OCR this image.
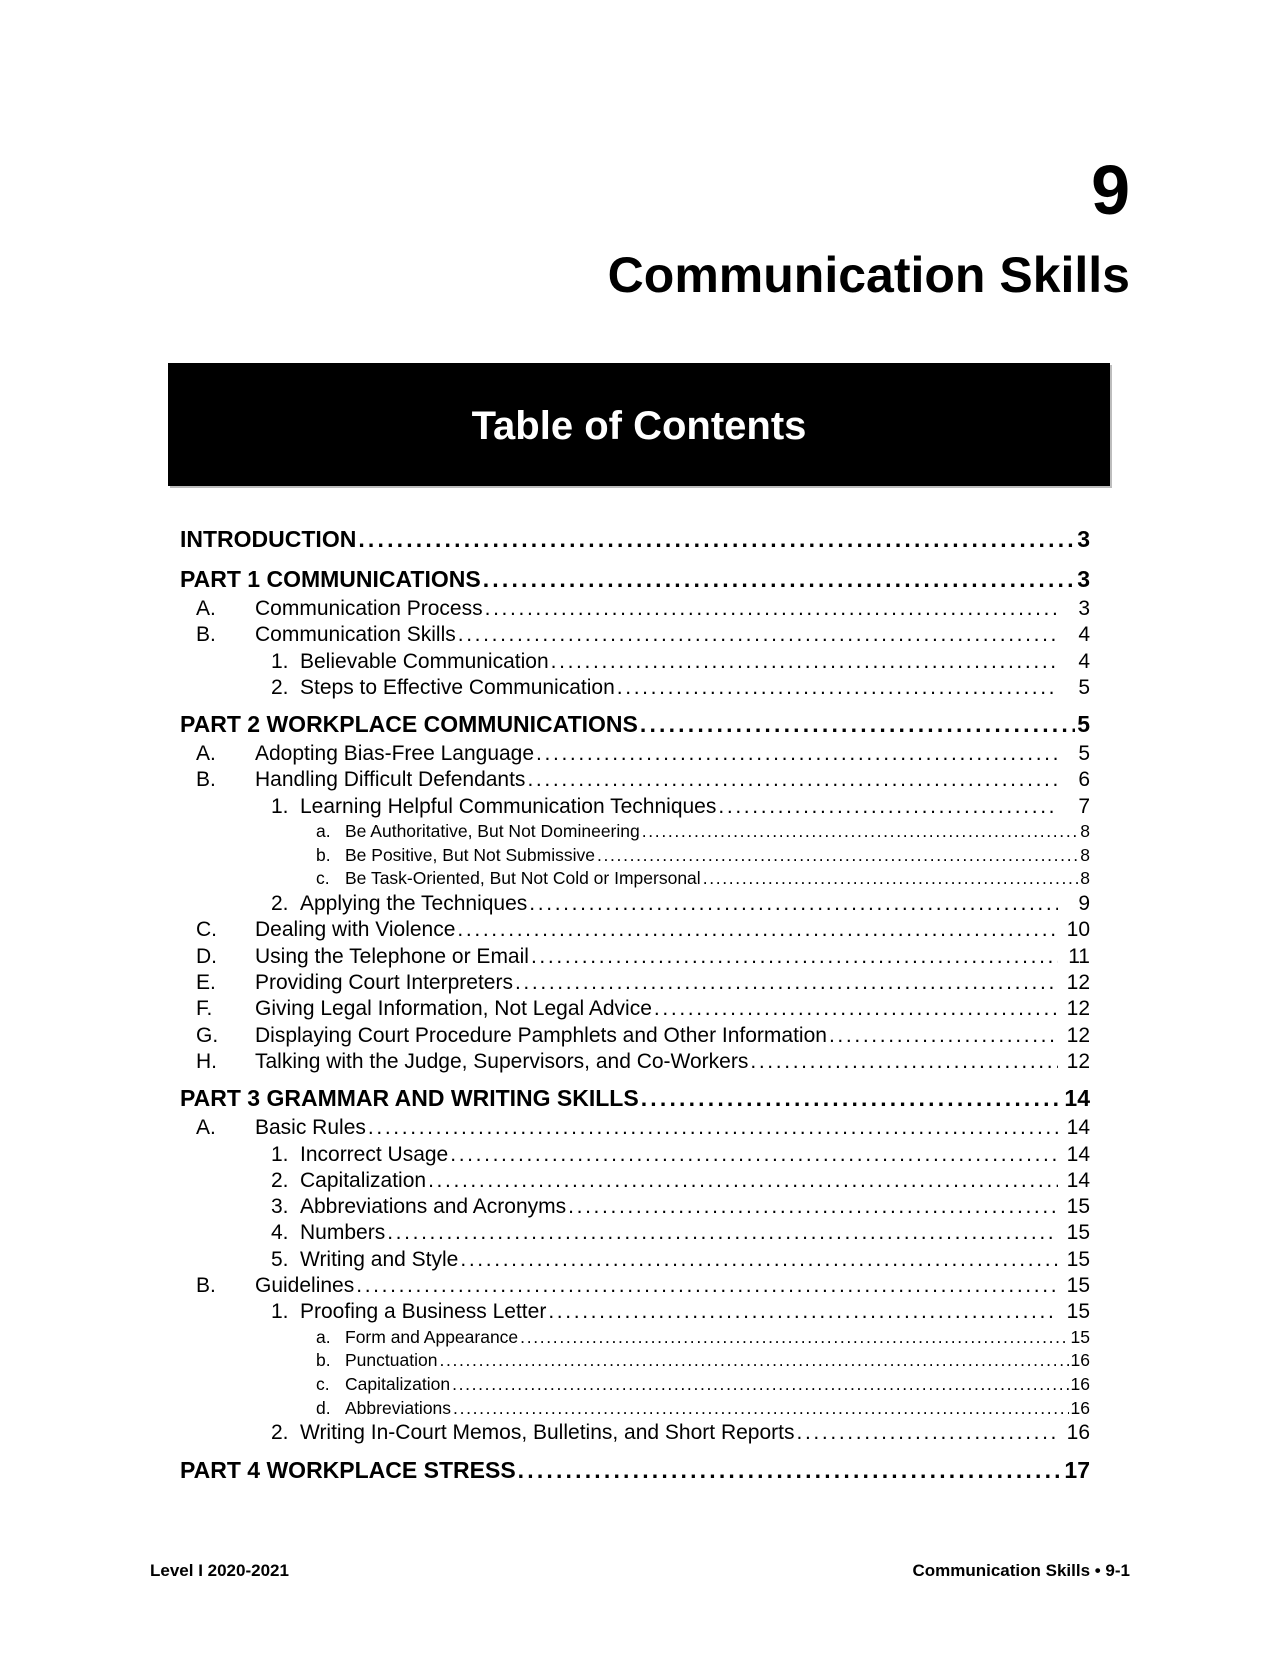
9
Communication Skills
Table of Contents
INTRODUCTION . . .	3
PART 1 COMMUNICATIONS . . .	3
A.	Communication Process . . .	3
B.	Communication Skills . . .	4
1. Believable Communication . . .	4
2. Steps to Effective Communication . . .	5
PART 2 WORKPLACE COMMUNICATIONS . . .	5
A.	Adopting Bias-Free Language . . .	5
B.	Handling Difficult Defendants . . .	6
1. Learning Helpful Communication Techniques . . .	7
a. Be Authoritative, But Not Domineering . . .	8
b. Be Positive, But Not Submissive . . .	8
c. Be Task-Oriented, But Not Cold or Impersonal . . .	8
2. Applying the Techniques . . .	9
C.	Dealing with Violence . . .	10
D.	Using the Telephone or Email . . .	11
E.	Providing Court Interpreters . . .	12
F.	Giving Legal Information, Not Legal Advice . . .	12
G.	Displaying Court Procedure Pamphlets and Other Information . . .	12
H.	Talking with the Judge, Supervisors, and Co-Workers . . .	12
PART 3 GRAMMAR AND WRITING SKILLS . . .	14
A.	Basic Rules . . .	14
1. Incorrect Usage . . .	14
2. Capitalization . . .	14
3. Abbreviations and Acronyms . . .	15
4. Numbers . . .	15
5. Writing and Style . . .	15
B.	Guidelines . . .	15
1. Proofing a Business Letter . . .	15
a. Form and Appearance . . .	15
b. Punctuation . . .	16
c. Capitalization . . .	16
d. Abbreviations . . .	16
2. Writing In-Court Memos, Bulletins, and Short Reports . . .	16
PART 4 WORKPLACE STRESS . . .	17
Level I 2020-2021	Communication Skills • 9-1
